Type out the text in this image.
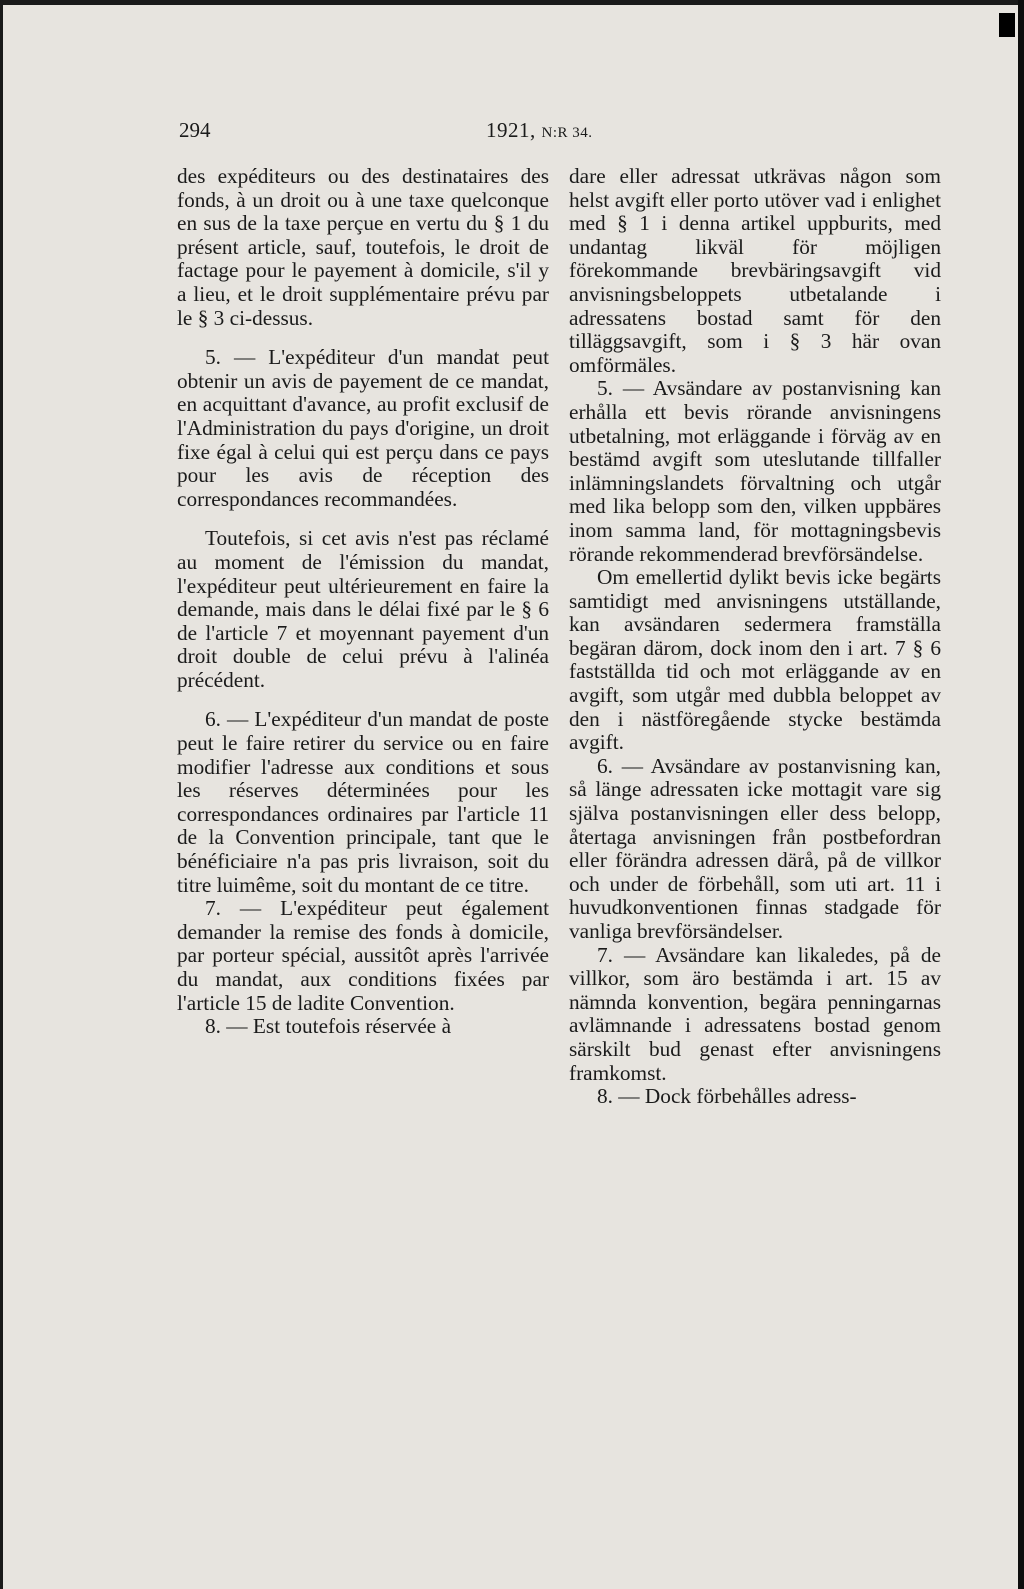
294	1921, N:R 34.

des expéditeurs ou des destinataires des fonds, à un droit ou à une taxe quelconque en sus de la taxe perçue en vertu du § 1 du présent article, sauf, toutefois, le droit de factage pour le payement à domicile, s'il y a lieu, et le droit supplémentaire prévu par le § 3 ci-dessus.

5. — L'expéditeur d'un mandat peut obtenir un avis de payement de ce mandat, en acquittant d'avance, au profit exclusif de l'Administration du pays d'origine, un droit fixe égal à celui qui est perçu dans ce pays pour les avis de réception des correspondances recommandées.

Toutefois, si cet avis n'est pas réclamé au moment de l'émission du mandat, l'expéditeur peut ultérieurement en faire la demande, mais dans le délai fixé par le § 6 de l'article 7 et moyennant payement d'un droit double de celui prévu à l'alinéa précédent.

6. — L'expéditeur d'un mandat de poste peut le faire retirer du service ou en faire modifier l'adresse aux conditions et sous les réserves déterminées pour les correspondances ordinaires par l'article 11 de la Convention principale, tant que le bénéficiaire n'a pas pris livraison, soit du titre luimême, soit du montant de ce titre.

7. — L'expéditeur peut également demander la remise des fonds à domicile, par porteur spécial, aussitôt après l'arrivée du mandat, aux conditions fixées par l'article 15 de ladite Convention.

8. — Est toutefois réservée à

dare eller adressat utkrävas någon som helst avgift eller porto utöver vad i enlighet med § 1 i denna artikel uppburits, med undantag likväl för möjligen förekommande brevbäringsavgift vid anvisningsbeloppets utbetalande i adressatens bostad samt för den tilläggsavgift, som i § 3 här ovan omförmäles.

5. — Avsändare av postanvisning kan erhålla ett bevis rörande anvisningens utbetalning, mot erläggande i förväg av en bestämd avgift som uteslutande tillfaller inlämningslandets förvaltning och utgår med lika belopp som den, vilken uppbäres inom samma land, för mottagningsbevis rörande rekommenderad brevförsändelse.

Om emellertid dylikt bevis icke begärts samtidigt med anvisningens utställande, kan avsändaren sedermera framställa begäran därom, dock inom den i art. 7 § 6 fastställda tid och mot erläggande av en avgift, som utgår med dubbla beloppet av den i nästföregående stycke bestämda avgift.

6. — Avsändare av postanvisning kan, så länge adressaten icke mottagit vare sig själva postanvisningen eller dess belopp, återtaga anvisningen från postbefordran eller förändra adressen därå, på de villkor och under de förbehåll, som uti art. 11 i huvudkonventionen finnas stadgade för vanliga brevförsändelser.

7. — Avsändare kan likaledes, på de villkor, som äro bestämda i art. 15 av nämnda konvention, begära penningarnas avlämnande i adressatens bostad genom särskilt bud genast efter anvisningens framkomst.

8. — Dock förbehålles adress-
